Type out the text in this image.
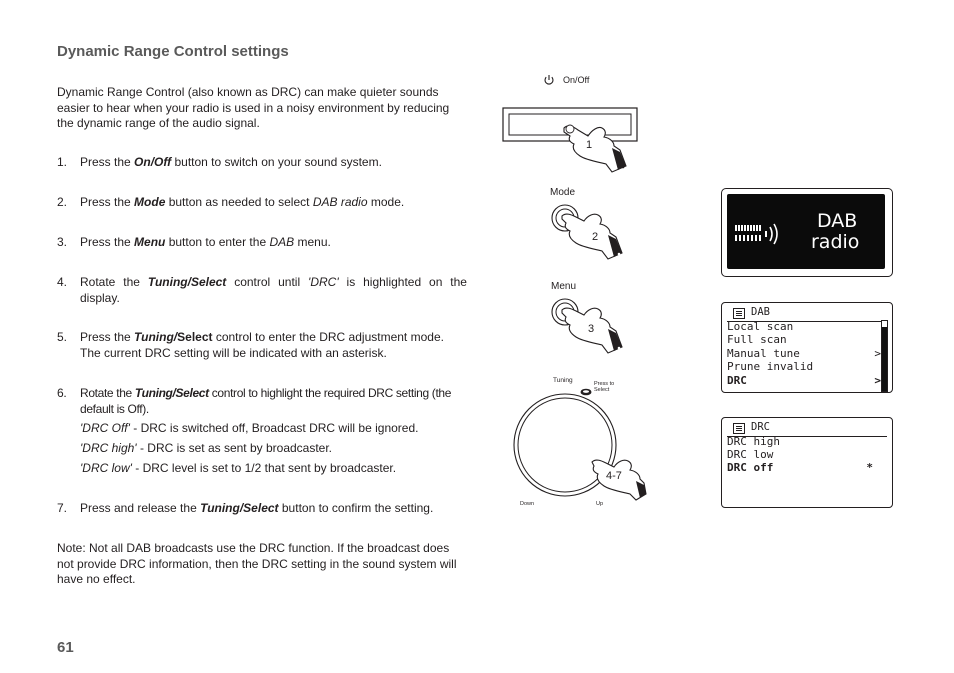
Dynamic Range Control settings
Dynamic Range Control (also known as DRC) can make quieter sounds easier to hear when your radio is used in a noisy environment by reducing the dynamic range of the audio signal.
1. Press the On/Off button to switch on your sound system.
2. Press the Mode button as needed to select DAB radio mode.
3. Press the Menu button to enter the DAB menu.
4. Rotate the Tuning/Select control until 'DRC' is highlighted on the display.
5. Press the Tuning/Select control to enter the DRC adjustment mode. The current DRC setting will be indicated with an asterisk.
6. Rotate the Tuning/Select control to highlight the required DRC setting (the default is Off).
'DRC Off' - DRC is switched off, Broadcast DRC will be ignored.
'DRC high' - DRC is set as sent by broadcaster.
'DRC low' - DRC level is set to 1/2 that sent by broadcaster.
7. Press and release the Tuning/Select button to confirm the setting.
Note: Not all DAB broadcasts use the DRC function. If the broadcast does not provide DRC information, then the DRC setting in the sound system will have no effect.
61
On/Off
1
Mode
2
Menu
3
Tuning	Press to
Select
4-7
Down	Up
DAB
radio
DAB
Local scan
Full scan
Manual tune	>
Prune invalid
DRC	>
DRC
DRC high
DRC low
DRC off	*
